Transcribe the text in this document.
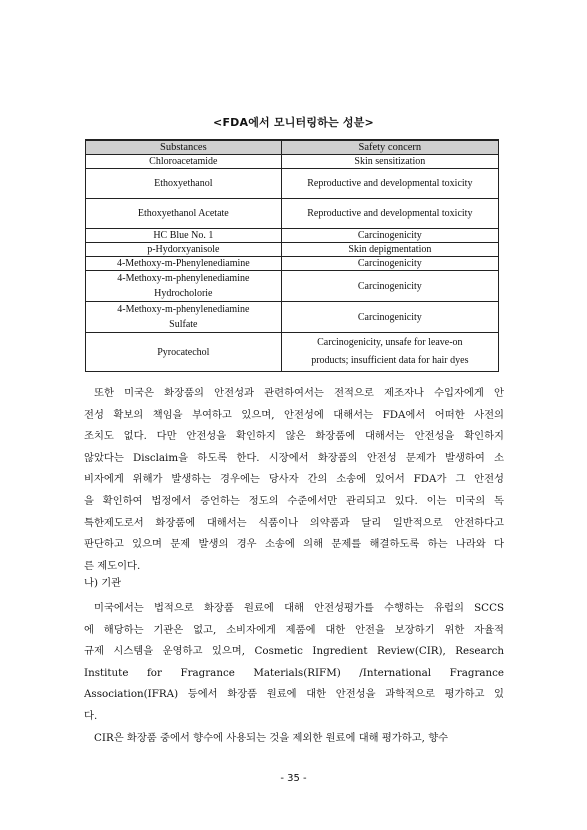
<FDA에서 모니터링하는 성분>
Substances	Safety concern

Chloroacetamide	Skin sensitization

Ethoxyethanol	Reproductive and developmental toxicity

Ethoxyethanol Acetate	Reproductive and developmental toxicity

HC Blue No. 1	Carcinogenicity

p-Hydorxyanisole	Skin depigmentation

4-Methoxy-m-Phenylenediamine	Carcinogenicity

4-Methoxy-m-phenylenediamine
Hydrocholorie	Carcinogenicity

4-Methoxy-m-phenylenediamine
Sulfate	Carcinogenicity

Pyrocatechol	Carcinogenicity, unsafe for leave-on
products; insufficient data for hair dyes
또한 미국은 화장품의 안전성과 관련하여서는 전적으로 제조자나 수입자에게 안
전성 확보의 책임을 부여하고 있으며, 안전성에 대해서는 FDA에서 어떠한 사전의
조치도 없다. 다만 안전성을 확인하지 않은 화장품에 대해서는 안전성을 확인하지
않았다는 Disclaim을 하도록 한다. 시장에서 화장품의 안전성 문제가 발생하여 소
비자에게 위해가 발생하는 경우에는 당사자 간의 소송에 있어서 FDA가 그 안전성
을 확인하여 법정에서 증언하는 정도의 수준에서만 관리되고 있다. 이는 미국의 독
특한제도로서 화장품에 대해서는 식품이나 의약품과 달리 일반적으로 안전하다고
판단하고 있으며 문제 발생의 경우 소송에 의해 문제를 해결하도록 하는 나라와 다
른 제도이다.
나) 기관
미국에서는 법적으로 화장품 원료에 대해 안전성평가를 수행하는 유럽의 SCCS
에 해당하는 기관은 없고, 소비자에게 제품에 대한 안전을 보장하기 위한 자율적
규제 시스템을 운영하고 있으며, Cosmetic Ingredient Review(CIR), Research
Institute for Fragrance Materials(RIFM) /International Fragrance
Association(IFRA) 등에서 화장품 원료에 대한 안전성을 과학적으로 평가하고 있
다.
CIR은 화장품 중에서 향수에 사용되는 것을 제외한 원료에 대해 평가하고, 향수
- 35 -
